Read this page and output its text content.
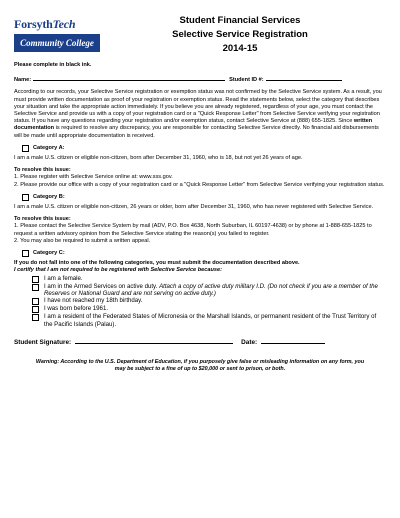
ForsythTech
Community College
Student Financial Services
Selective Service Registration
2014-15

Please complete in black ink.

Name:	Student ID #:

According to our records, your Selective Service registration or exemption status was not confirmed by the Selective Service system. As a result, you must provide written documentation as proof of your registration or exemption status. Read the statements below, select the category that describes your situation and take the appropriate action immediately. If you believe you are already registered, regardless of your age, you must contact the Selective Service and provide us with a copy of your registration card or a "Quick Response Letter" from Selective Service verifying your registration status. If you have any questions regarding your registration and/or exemption status, contact Selective Service at (888) 655-1825. Since written documentation is required to resolve any discrepancy, you are responsible for contacting Selective Service directly. No financial aid disbursements will be made until appropriate documentation is received.

Category A:

I am a male U.S. citizen or eligible non-citizen, born after December 31, 1960, who is 18, but not yet 26 years of age.

To resolve this issue:

1. Please register with Selective Service online at: www.sss.gov.

2. Please provide our office with a copy of your registration card or a "Quick Response Letter" from Selective Service verifying your registration status.

Category B:

I am a male U.S. citizen or eligible non-citizen, 26 years or older, born after December 31, 1960, who has never registered with Selective Service.

To resolve this issue:

1. Please contact the Selective Service System by mail (ADV, P.O. Box 4638, North Suburban, IL 60197-4638) or by phone at 1-888-655-1825 to request a written advisory opinion from the Selective Service stating the reason(s) you failed to register.

2. You may also be required to submit a written appeal.

Category C:

If you do not fall into one of the following categories, you must submit the documentation described above.

I certify that I am not required to be registered with Selective Service because:

I am a female.
I am in the Armed Services on active duty. Attach a copy of active duty military I.D. (Do not check if you are a member of the Reserves or National Guard and are not serving on active duty.)
I have not reached my 18th birthday.
I was born before 1961.
I am a resident of the Federated States of Micronesia or the Marshall Islands, or permanent resident of the Trust Territory of the Pacific Islands (Palau).
Student Signature:	Date:
Warning: According to the U.S. Department of Education, if you purposely give false or misleading information on any form, you
may be subject to a fine of up to $20,000 or sent to prison, or both.
